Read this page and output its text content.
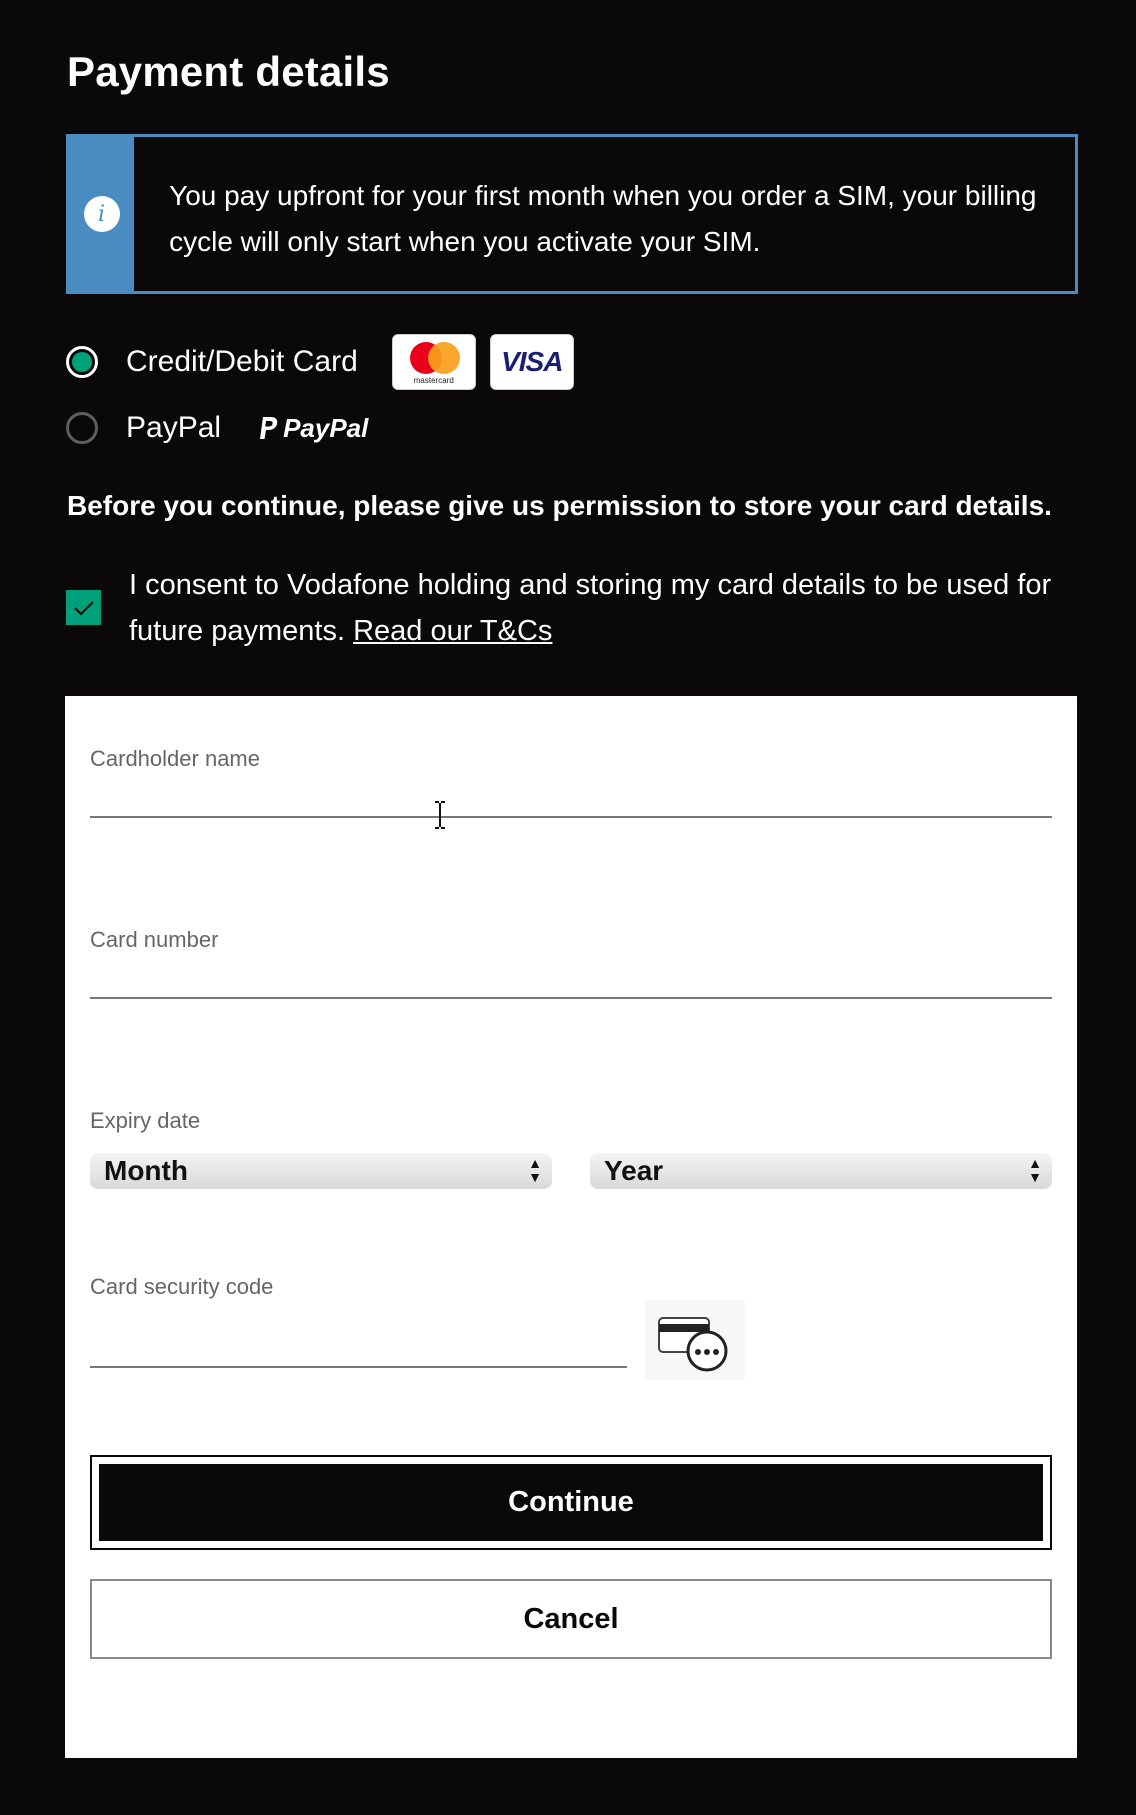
Payment details
i
You pay upfront for your first month when you order a SIM, your billing cycle will only start when you activate your SIM.
Credit/Debit Card
mastercard
VISA
PayPal PayPal
Before you continue, please give us permission to store your card details.
I consent to Vodafone holding and storing my card details to be used for future payments. Read our T&Cs
Cardholder name
Card number
Expiry date
Month	▲
▼ Year	▲
▼
Card security code
Continue
Cancel
